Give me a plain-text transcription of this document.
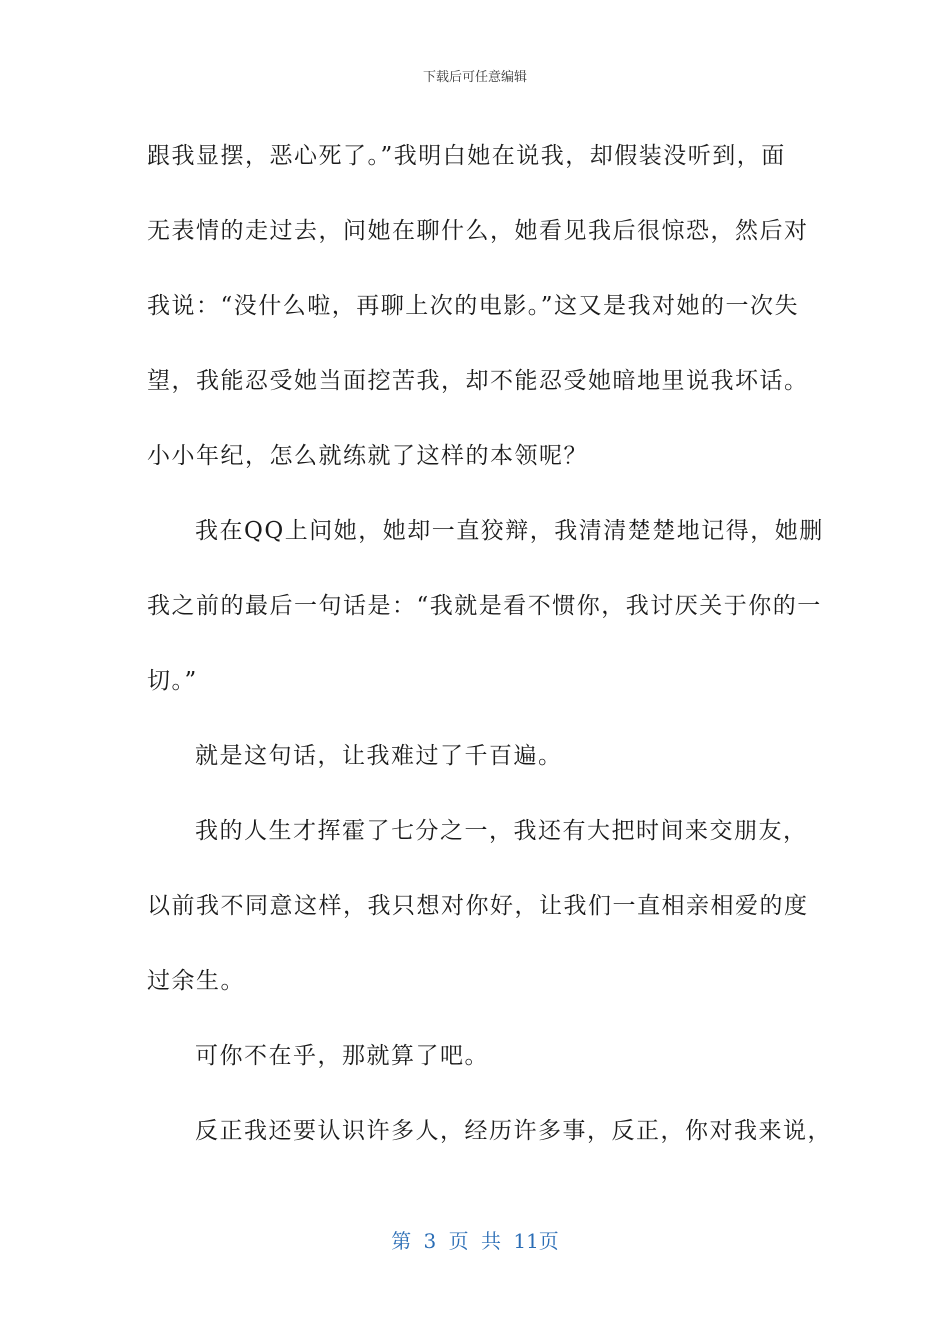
下载后可任意编辑
跟我显摆，恶心死了。”我明白她在说我，却假装没听到，面
无表情的走过去，问她在聊什么，她看见我后很惊恐，然后对
我说：“没什么啦，再聊上次的电影。”这又是我对她的一次失
望，我能忍受她当面挖苦我，却不能忍受她暗地里说我坏话。
小小年纪，怎么就练就了这样的本领呢？
我在QQ上问她，她却一直狡辩，我清清楚楚地记得，她删
我之前的最后一句话是：“我就是看不惯你，我讨厌关于你的一
切。”
就是这句话，让我难过了千百遍。
我的人生才挥霍了七分之一，我还有大把时间来交朋友，
以前我不同意这样，我只想对你好，让我们一直相亲相爱的度
过余生。
可你不在乎，那就算了吧。
反正我还要认识许多人，经历许多事，反正，你对我来说，
第 3 页 共 11页
